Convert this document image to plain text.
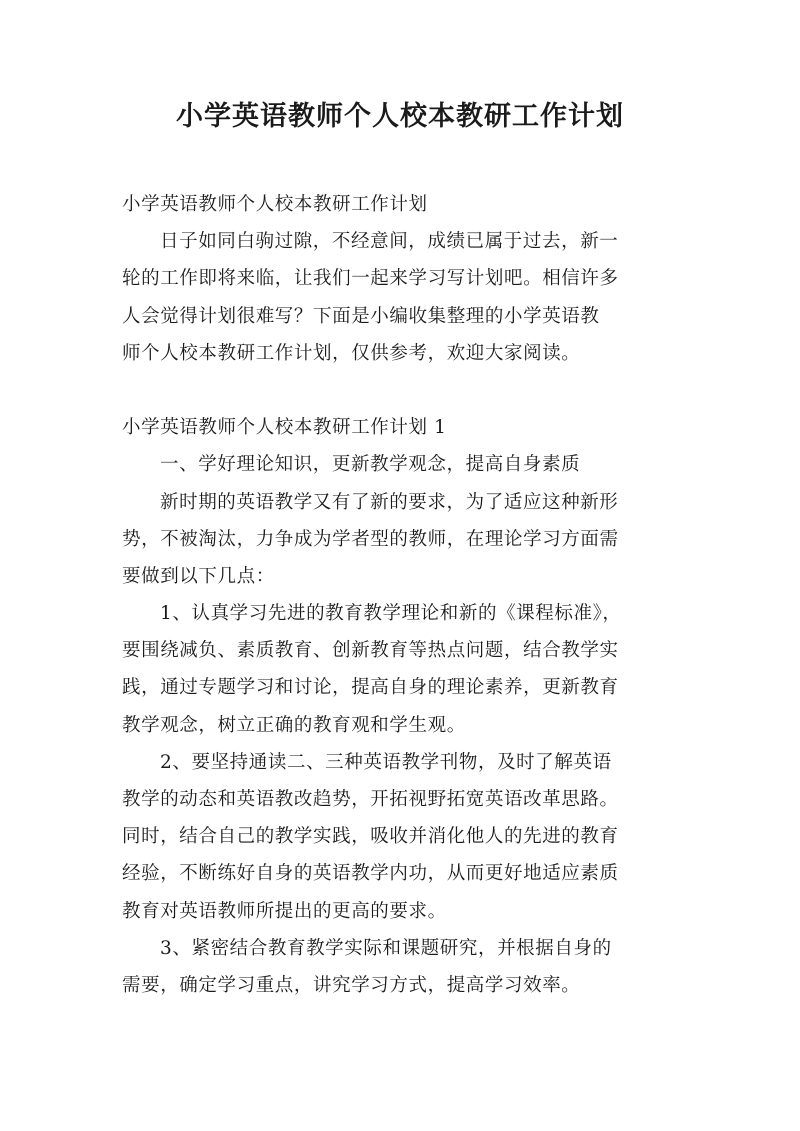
小学英语教师个人校本教研工作计划
小学英语教师个人校本教研工作计划
日子如同白驹过隙，不经意间，成绩已属于过去，新一
轮的工作即将来临，让我们一起来学习写计划吧。相信许多
人会觉得计划很难写？下面是小编收集整理的小学英语教
师个人校本教研工作计划，仅供参考，欢迎大家阅读。
小学英语教师个人校本教研工作计划 1
一、学好理论知识，更新教学观念，提高自身素质
新时期的英语教学又有了新的要求，为了适应这种新形
势，不被淘汰，力争成为学者型的教师，在理论学习方面需
要做到以下几点：
1、认真学习先进的教育教学理论和新的《课程标准》，
要围绕减负、素质教育、创新教育等热点问题，结合教学实
践，通过专题学习和讨论，提高自身的理论素养，更新教育
教学观念，树立正确的教育观和学生观。
2、要坚持通读二、三种英语教学刊物，及时了解英语
教学的动态和英语教改趋势，开拓视野拓宽英语改革思路。
同时，结合自己的教学实践，吸收并消化他人的先进的教育
经验，不断练好自身的英语教学内功，从而更好地适应素质
教育对英语教师所提出的更高的要求。
3、紧密结合教育教学实际和课题研究，并根据自身的
需要，确定学习重点，讲究学习方式，提高学习效率。
